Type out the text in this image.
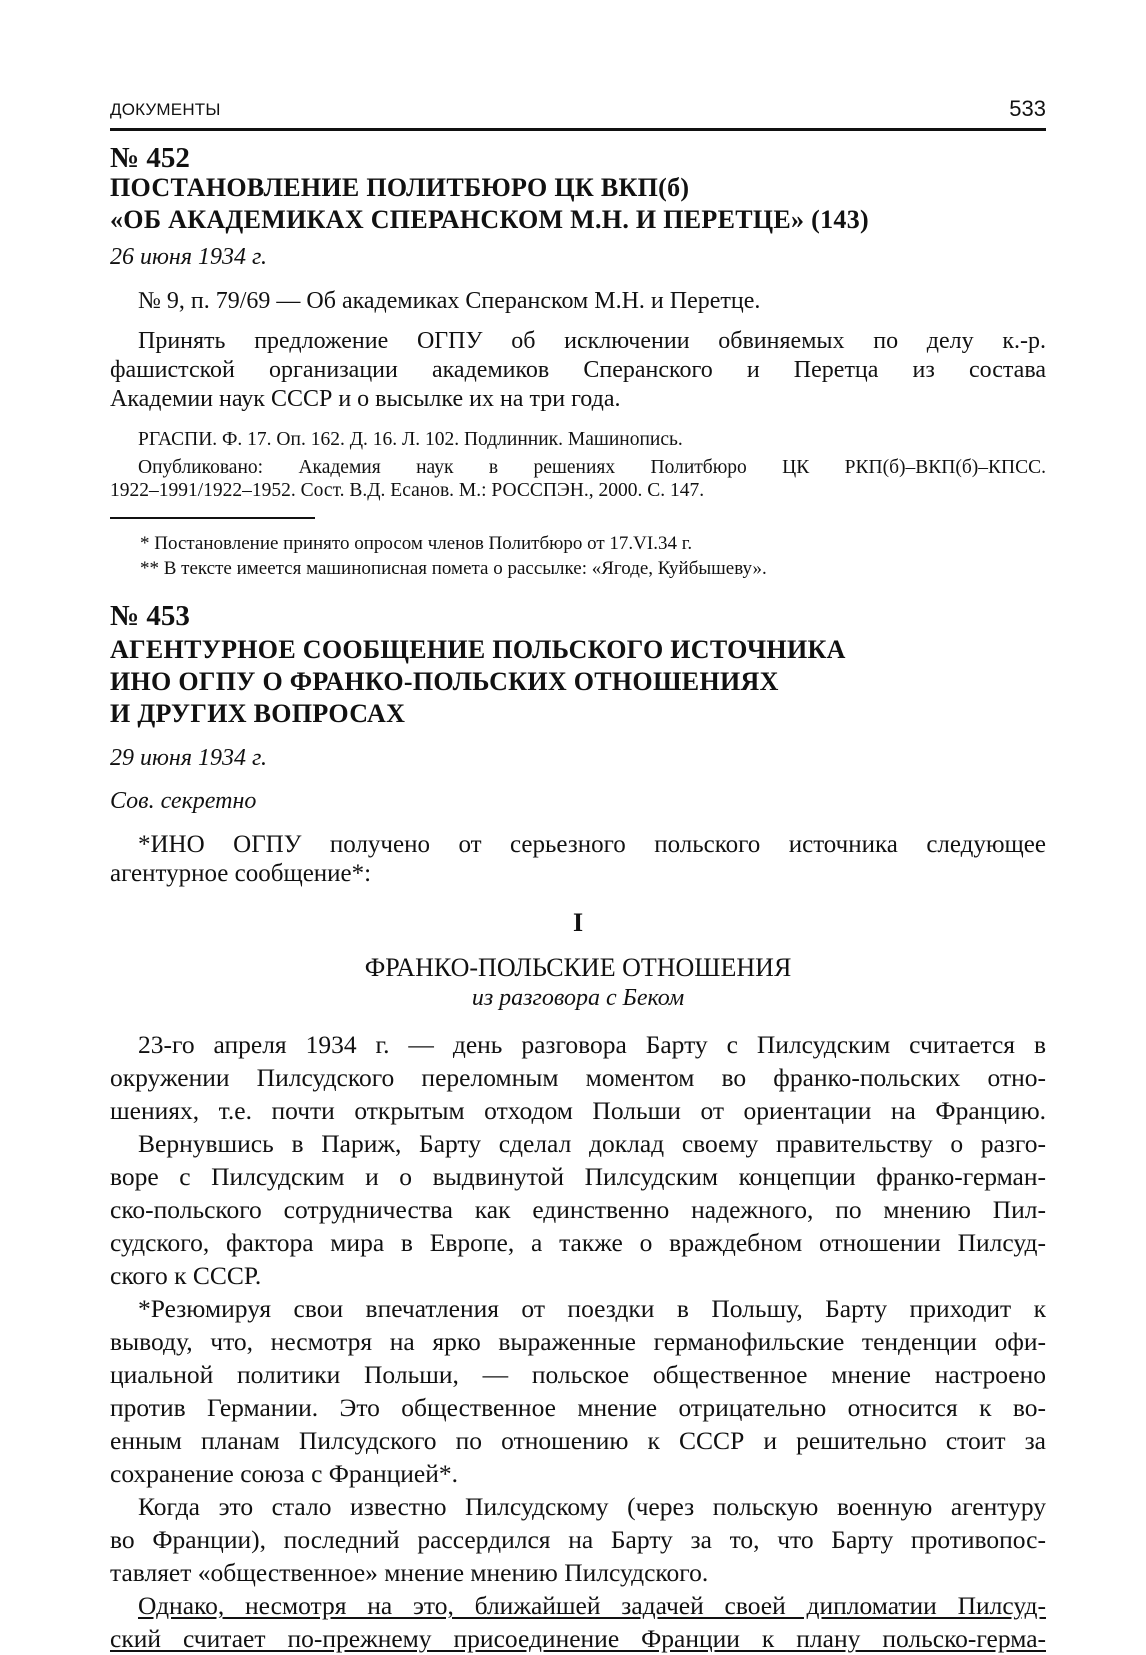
ДОКУМЕНТЫ	533
№ 452
ПОСТАНОВЛЕНИЕ ПОЛИТБЮРО ЦК ВКП(б)
«ОБ АКАДЕМИКАХ СПЕРАНСКОМ М.Н. И ПЕРЕТЦЕ» (143)
26 июня 1934 г.
№ 9, п. 79/69 — Об академиках Сперанском М.Н. и Перетце.
Принять предложение ОГПУ об исключении обвиняемых по делу к.-р.
фашистской организации академиков Сперанского и Перетца из состава
Академии наук СССР и о высылке их на три года.
РГАСПИ. Ф. 17. Оп. 162. Д. 16. Л. 102. Подлинник. Машинопись.
Опубликовано: Академия наук в решениях Политбюро ЦК РКП(б)–ВКП(б)–КПСС.
1922–1991/1922–1952. Сост. В.Д. Есанов. М.: РОССПЭН., 2000. С. 147.
* Постановление принято опросом членов Политбюро от 17.VI.34 г.
** В тексте имеется машинописная помета о рассылке: «Ягоде, Куйбышеву».
№ 453
АГЕНТУРНОЕ СООБЩЕНИЕ ПОЛЬСКОГО ИСТОЧНИКА
ИНО ОГПУ О ФРАНКО-ПОЛЬСКИХ ОТНОШЕНИЯХ
И ДРУГИХ ВОПРОСАХ
29 июня 1934 г.
Сов. секретно
*ИНО ОГПУ получено от серьезного польского источника следующее
агентурное сообщение*:
I
ФРАНКО-ПОЛЬСКИЕ ОТНОШЕНИЯ
из разговора с Беком
23-го апреля 1934 г. — день разговора Барту с Пилсудским считается в
окружении Пилсудского переломным моментом во франко-польских отно-
шениях, т.е. почти открытым отходом Польши от ориентации на Францию.
Вернувшись в Париж, Барту сделал доклад своему правительству о разго-
воре с Пилсудским и о выдвинутой Пилсудским концепции франко-герман-
ско-польского сотрудничества как единственно надежного, по мнению Пил-
судского, фактора мира в Европе, а также о враждебном отношении Пилсуд-
ского к СССР.
*Резюмируя свои впечатления от поездки в Польшу, Барту приходит к
выводу, что, несмотря на ярко выраженные германофильские тенденции офи-
циальной политики Польши, — польское общественное мнение настроено
против Германии. Это общественное мнение отрицательно относится к во-
енным планам Пилсудского по отношению к СССР и решительно стоит за
сохранение союза с Францией*.
Когда это стало известно Пилсудскому (через польскую военную агентуру
во Франции), последний рассердился на Барту за то, что Барту противопос-
тавляет «общественное» мнение мнению Пилсудского.
Однако, несмотря на это, ближайшей задачей своей дипломатии Пилсуд-
ский считает по-прежнему присоединение Франции к плану польско-герма-
